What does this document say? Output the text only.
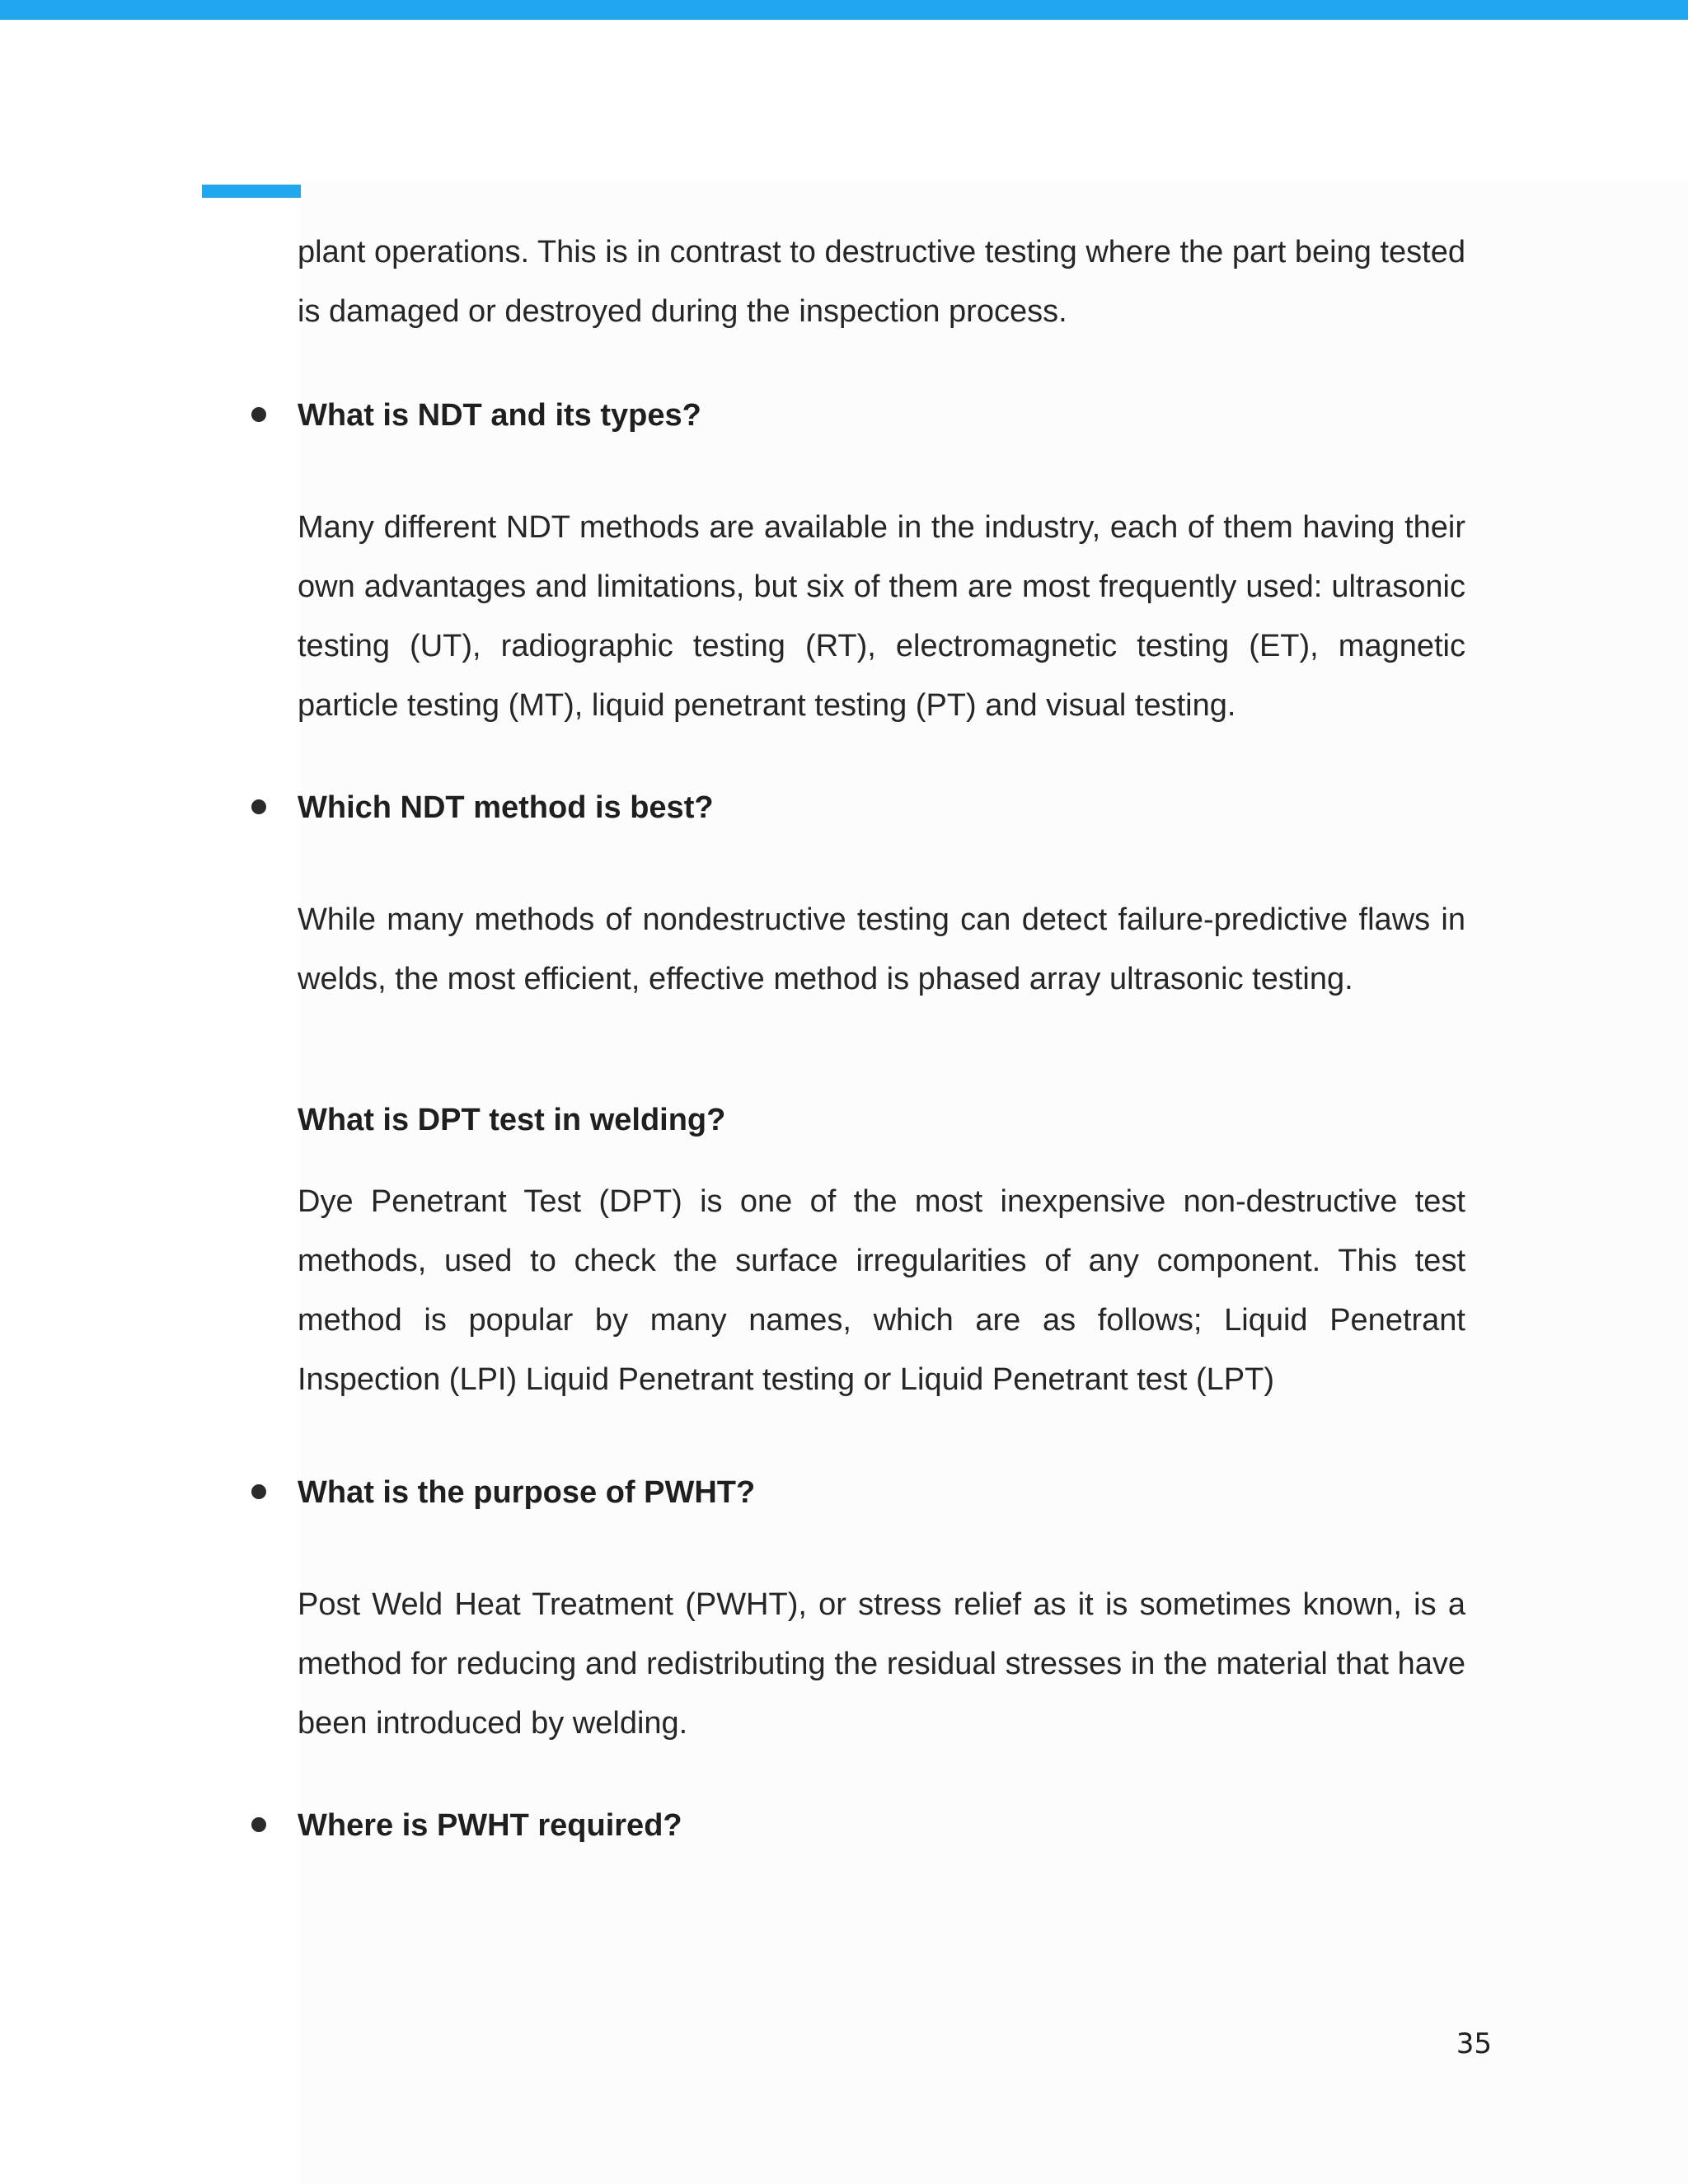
plant operations. This is in contrast to destructive testing where the part being tested is damaged or destroyed during the inspection process.

What is NDT and its types?

Many different NDT methods are available in the industry, each of them having their own advantages and limitations, but six of them are most frequently used: ultrasonic testing (UT), radiographic testing (RT), electromagnetic testing (ET), magnetic particle testing (MT), liquid penetrant testing (PT) and visual testing.

Which NDT method is best?

While many methods of nondestructive testing can detect failure-predictive flaws in welds, the most efficient, effective method is phased array ultrasonic testing.

What is DPT test in welding?

Dye Penetrant Test (DPT) is one of the most inexpensive non-destructive test methods, used to check the surface irregularities of any component. This test method is popular by many names, which are as follows; Liquid Penetrant Inspection (LPI) Liquid Penetrant testing or Liquid Penetrant test (LPT)

What is the purpose of PWHT?

Post Weld Heat Treatment (PWHT), or stress relief as it is sometimes known, is a method for reducing and redistributing the residual stresses in the material that have been introduced by welding.

Where is PWHT required?
35
